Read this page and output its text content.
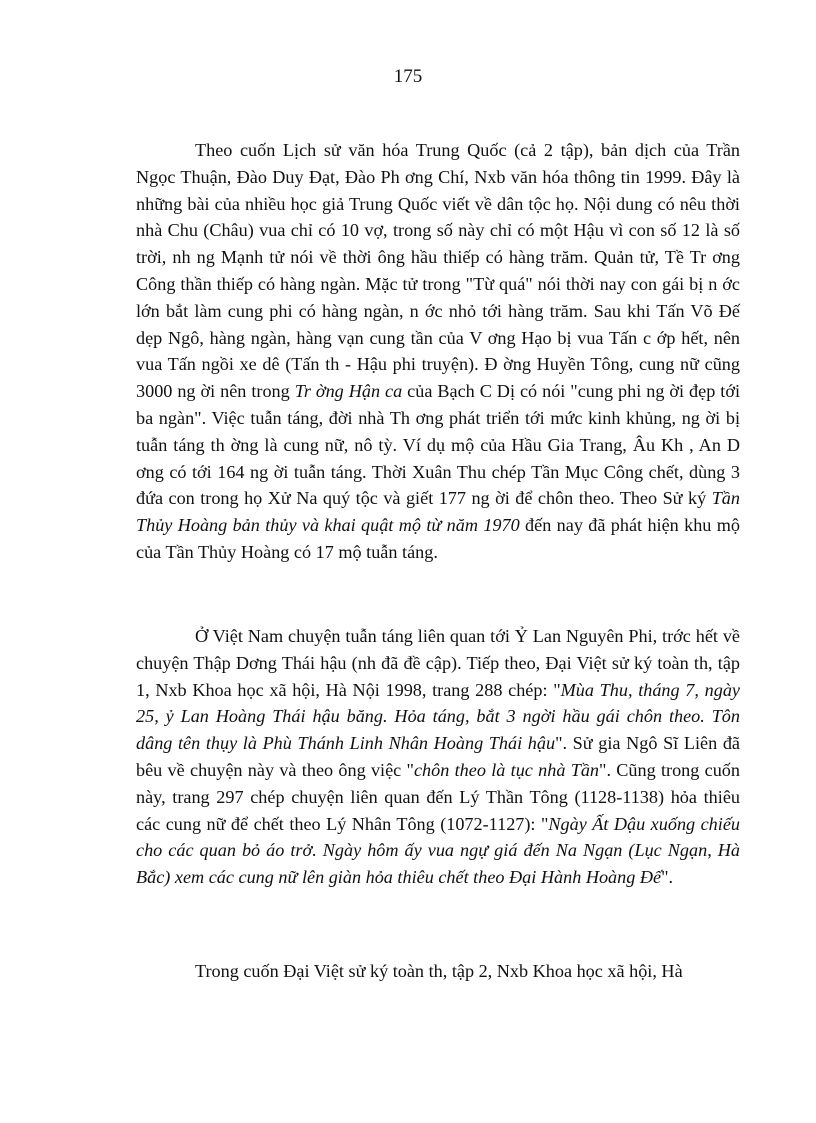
175

Theo cuốn Lịch sử văn hóa Trung Quốc (cả 2 tập), bản dịch của Trần Ngọc Thuận, Đào Duy Đạt, Đào Ph ơng Chí, Nxb văn hóa thông tin 1999. Đây là những bài của nhiều học giả Trung Quốc viết về dân tộc họ. Nội dung có nêu thời nhà Chu (Châu) vua chỉ có 10 vợ, trong số này chỉ có một Hậu vì con số 12 là số trời, nh ng Mạnh tử nói về thời ông hầu thiếp có hàng trăm. Quản tử, Tề Tr ơng Công thần thiếp có hàng ngàn. Mặc tử trong "Từ quá" nói thời nay con gái bị n ớc lớn bắt làm cung phi có hàng ngàn, n ớc nhỏ tới hàng trăm. Sau khi Tấn Võ Đế dẹp Ngô, hàng ngàn, hàng vạn cung tần của V ơng Hạo bị vua Tấn c ớp hết, nên vua Tấn ngồi xe dê (Tấn th - Hậu phi truyện). Đ ờng Huyền Tông, cung nữ cũng 3000 ng ời nên trong Tr ờng Hận ca của Bạch C Dị có nói "cung phi ng ời đẹp tới ba ngàn". Việc tuẫn táng, đời nhà Th ơng phát triển tới mức kinh khủng, ng ời bị tuẫn táng th ờng là cung nữ, nô tỳ. Ví dụ mộ của Hầu Gia Trang, Âu Kh , An D ơng có tới 164 ng ời tuẫn táng. Thời Xuân Thu chép Tần Mục Công chết, dùng 3 đứa con trong họ Xử Na quý tộc và giết 177 ng ời để chôn theo. Theo Sử ký Tần Thủy Hoàng bản thủy và khai quật mộ từ năm 1970 đến nay đã phát hiện khu mộ của Tần Thủy Hoàng có 17 mộ tuẫn táng.

Ở Việt Nam chuyện tuẫn táng liên quan tới Ỷ Lan Nguyên Phi, trớc hết về chuyện Thập Dơng Thái hậu (nh đã đề cập). Tiếp theo, Đại Việt sử ký toàn th, tập 1, Nxb Khoa học xã hội, Hà Nội 1998, trang 288 chép: "Mùa Thu, tháng 7, ngày 25, ỷ Lan Hoàng Thái hậu băng. Hỏa táng, bắt 3 ngời hầu gái chôn theo. Tôn dâng tên thụy là Phù Thánh Linh Nhân Hoàng Thái hậu". Sử gia Ngô Sĩ Liên đã bêu về chuyện này và theo ông việc "chôn theo là tục nhà Tần". Cũng trong cuốn này, trang 297 chép chuyện liên quan đến Lý Thần Tông (1128-1138) hỏa thiêu các cung nữ để chết theo Lý Nhân Tông (1072-1127): "Ngày Ất Dậu xuống chiếu cho các quan bỏ áo trở. Ngày hôm ấy vua ngự giá đến Na Ngạn (Lục Ngạn, Hà Bắc) xem các cung nữ lên giàn hỏa thiêu chết theo Đại Hành Hoàng Đế".

Trong cuốn Đại Việt sử ký toàn th, tập 2, Nxb Khoa học xã hội, Hà
